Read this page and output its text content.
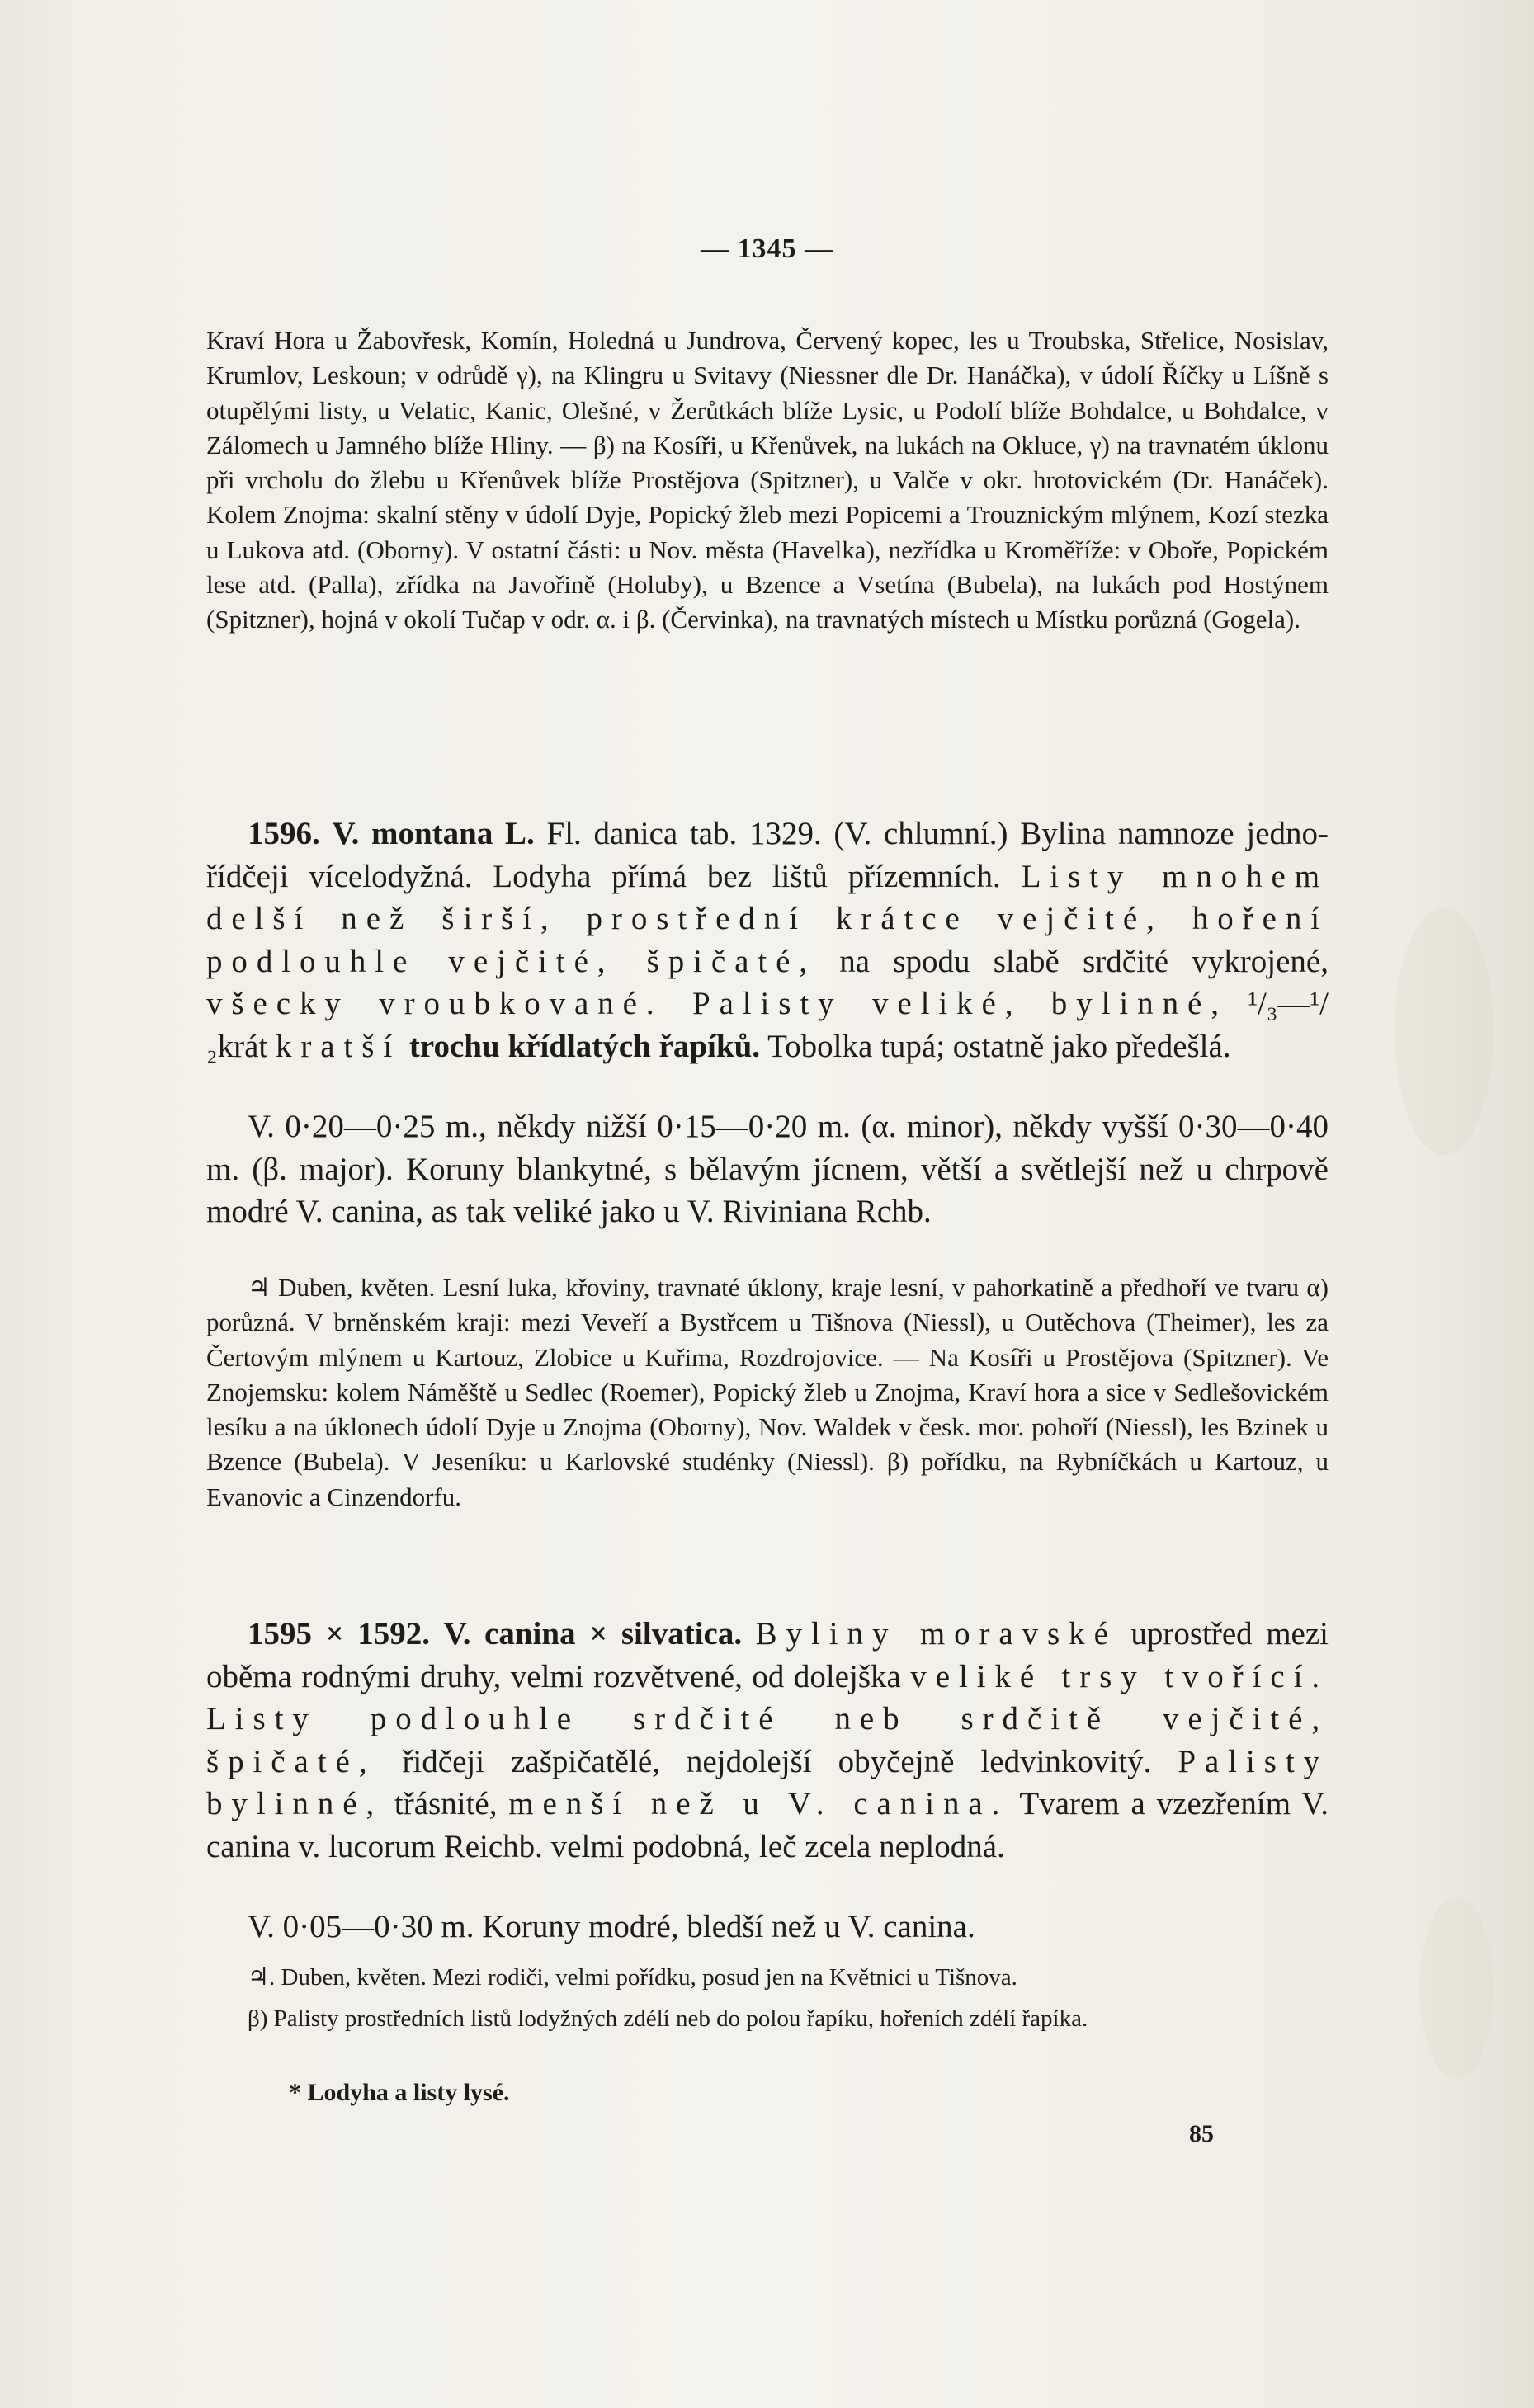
— 1345 —

Kraví Hora u Žabovřesk, Komín, Holedná u Jundrova, Červený kopec, les u Troubska, Střelice, Nosislav, Krumlov, Leskoun; v odrůdě γ), na Klingru u Svitavy (Niessner dle Dr. Hanáčka), v údolí Říčky u Líšně s otupělými listy, u Velatic, Kanic, Olešné, v Žerůtkách blíže Lysic, u Podolí blíže Bohdalce, u Bohdalce, v Zálomech u Jamného blíže Hliny. — β) na Kosíři, u Křenůvek, na lukách na Okluce, γ) na travnatém úklonu při vrcholu do žlebu u Křenůvek blíže Prostějova (Spitzner), u Valče v okr. hrotovickém (Dr. Hanáček). Kolem Znojma: skalní stěny v údolí Dyje, Popický žleb mezi Popicemi a Trouznickým mlýnem, Kozí stezka u Lukova atd. (Oborny). V ostatní části: u Nov. města (Havelka), nezřídka u Kroměříže: v Oboře, Popickém lese atd. (Palla), zřídka na Javořině (Holuby), u Bzence a Vsetína (Bubela), na lukách pod Hostýnem (Spitzner), hojná v okolí Tučap v odr. α. i β. (Červinka), na travnatých místech u Místku porůzná (Gogela).

1596. V. montana L. Fl. danica tab. 1329. (V. chlumní.) Bylina namnoze jedno- řídčeji vícelodyžná. Lodyha přímá bez lištů přízemních. Listy mnohem delší než širší, prostřední krátce vejčité, hoření podlouhle vejčité, špičaté, na spodu slabě srdčité vykrojené, všecky vroubkované. Palisty veliké, bylinné, ¹/₃—¹/₂krát kratší trochu křídlatých řapíků. Tobolka tupá; ostatně jako předešlá.

V. 0·20—0·25 m., někdy nižší 0·15—0·20 m. (α. minor), někdy vyšší 0·30—0·40 m. (β. major). Koruny blankytné, s bělavým jícnem, větší a světlejší než u chrpově modré V. canina, as tak veliké jako u V. Riviniana Rchb.

♃ Duben, květen. Lesní luka, křoviny, travnaté úklony, kraje lesní, v pahorkatině a předhoří ve tvaru α) porůzná. V brněnském kraji: mezi Veveří a Bystřcem u Tišnova (Niessl), u Outěchova (Theimer), les za Čertovým mlýnem u Kartouz, Zlobice u Kuřima, Rozdrojovice. — Na Kosíři u Prostějova (Spitzner). Ve Znojemsku: kolem Náměště u Sedlec (Roemer), Popický žleb u Znojma, Kraví hora a sice v Sedlešovickém lesíku a na úklonech údolí Dyje u Znojma (Oborny), Nov. Waldek v česk. mor. pohoří (Niessl), les Bzinek u Bzence (Bubela). V Jeseníku: u Karlovské studénky (Niessl). β) pořídku, na Rybníčkách u Kartouz, u Evanovic a Cinzendorfu.

1595 × 1592. V. canina × silvatica. Byliny moravské uprostřed mezi oběma rodnými druhy, velmi rozvětvené, od dolejška veliké trsy tvořící. Listy podlouhle srdčité neb srdčitě vejčité, špičaté, řidčeji zašpičatělé, nejdolejší obyčejně ledvinkovitý. Palisty bylinné, třásnité, menší než u V. canina. Tvarem a vzezřením V. canina v. lucorum Reichb. velmi podobná, leč zcela neplodná.

V. 0·05—0·30 m. Koruny modré, bledší než u V. canina.

♃. Duben, květen. Mezi rodiči, velmi pořídku, posud jen na Květnici u Tišnova.

β) Palisty prostředních listů lodyžných zdélí neb do polou řapíku, hořeních zdélí řapíka.

* Lodyha a listy lysé.

85
